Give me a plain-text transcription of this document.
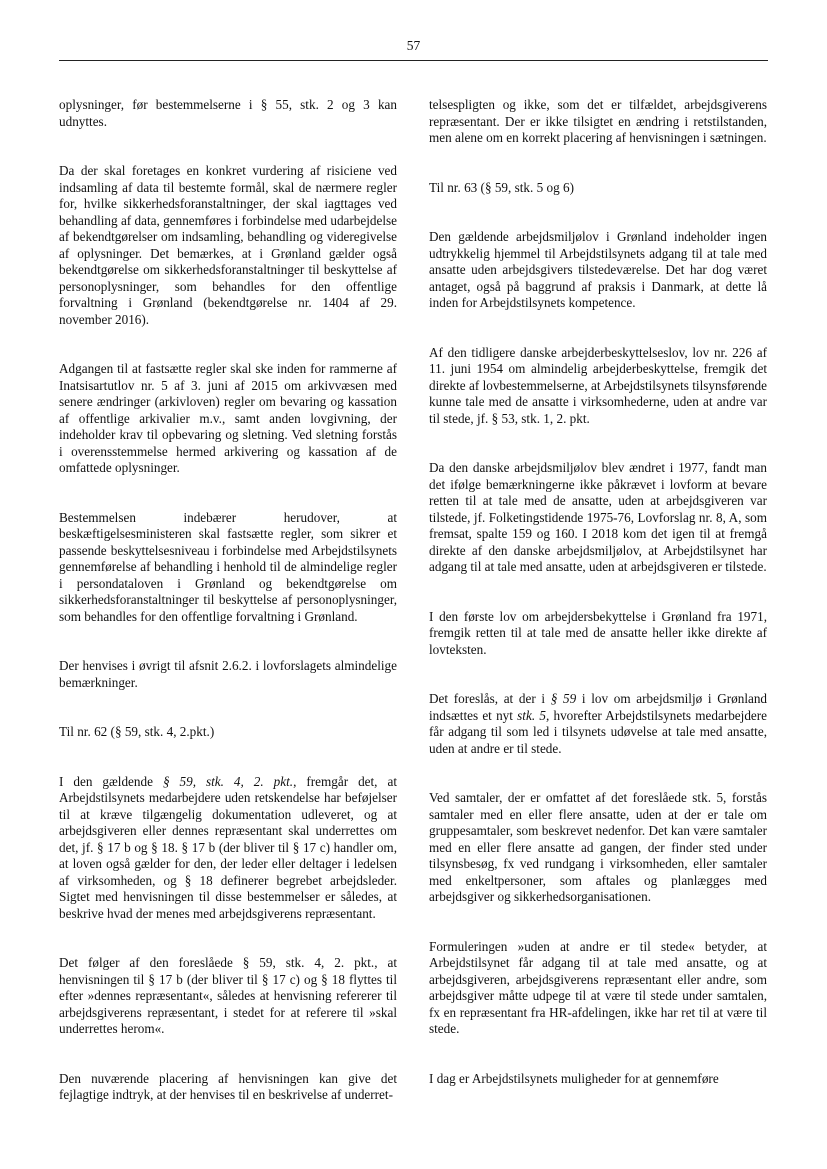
57

oplysninger, før bestemmelserne i § 55, stk. 2 og 3 kan udnyttes.

Da der skal foretages en konkret vurdering af risiciene ved indsamling af data til bestemte formål, skal de nærmere regler for, hvilke sikkerhedsforanstaltninger, der skal iagttages ved behandling af data, gennemføres i forbindelse med udarbejdelse af bekendtgørelser om indsamling, behandling og videregivelse af oplysninger. Det bemærkes, at i Grønland gælder også bekendtgørelse om sikkerhedsforanstaltninger til beskyttelse af personoplysninger, som behandles for den offentlige forvaltning i Grønland (bekendtgørelse nr. 1404 af 29. november 2016).

Adgangen til at fastsætte regler skal ske inden for rammerne af Inatsisartutlov nr. 5 af 3. juni af 2015 om arkivvæsen med senere ændringer (arkivloven) regler om bevaring og kassation af offentlige arkivalier m.v., samt anden lovgivning, der indeholder krav til opbevaring og sletning. Ved sletning forstås i overensstemmelse hermed arkivering og kassation af de omfattede oplysninger.

Bestemmelsen indebærer herudover, at beskæftigelsesministeren skal fastsætte regler, som sikrer et passende beskyttelsesniveau i forbindelse med Arbejdstilsynets gennemførelse af behandling i henhold til de almindelige regler i persondataloven i Grønland og bekendtgørelse om sikkerhedsforanstaltninger til beskyttelse af personoplysninger, som behandles for den offentlige forvaltning i Grønland.

Der henvises i øvrigt til afsnit 2.6.2. i lovforslagets almindelige bemærkninger.

Til nr. 62 (§ 59, stk. 4, 2.pkt.)

I den gældende § 59, stk. 4, 2. pkt., fremgår det, at Arbejdstilsynets medarbejdere uden retskendelse har beføjelser til at kræve tilgængelig dokumentation udleveret, og at arbejdsgiveren eller dennes repræsentant skal underrettes om det, jf. § 17 b og § 18. § 17 b (der bliver til § 17 c) handler om, at loven også gælder for den, der leder eller deltager i ledelsen af virksomheden, og § 18 definerer begrebet arbejdsleder. Sigtet med henvisningen til disse bestemmelser er således, at beskrive hvad der menes med arbejdsgiverens repræsentant.

Det følger af den foreslåede § 59, stk. 4, 2. pkt., at henvisningen til § 17 b (der bliver til § 17 c) og § 18 flyttes til efter »dennes repræsentant«, således at henvisning refererer til arbejdsgiverens repræsentant, i stedet for at referere til »skal underrettes herom«.

Den nuværende placering af henvisningen kan give det fejlagtige indtryk, at der henvises til en beskrivelse af underret-

telsespligten og ikke, som det er tilfældet, arbejdsgiverens repræsentant. Der er ikke tilsigtet en ændring i retstilstanden, men alene om en korrekt placering af henvisningen i sætningen.

Til nr. 63 (§ 59, stk. 5 og 6)

Den gældende arbejdsmiljølov i Grønland indeholder ingen udtrykkelig hjemmel til Arbejdstilsynets adgang til at tale med ansatte uden arbejdsgivers tilstedeværelse. Det har dog været antaget, også på baggrund af praksis i Danmark, at dette lå inden for Arbejdstilsynets kompetence.

Af den tidligere danske arbejderbeskyttelseslov, lov nr. 226 af 11. juni 1954 om almindelig arbejderbeskyttelse, fremgik det direkte af lovbestemmelserne, at Arbejdstilsynets tilsynsførende kunne tale med de ansatte i virksomhederne, uden at andre var til stede, jf. § 53, stk. 1, 2. pkt.

Da den danske arbejdsmiljølov blev ændret i 1977, fandt man det ifølge bemærkningerne ikke påkrævet i lovform at bevare retten til at tale med de ansatte, uden at arbejdsgiveren var tilstede, jf. Folketingstidende 1975-76, Lovforslag nr. 8, A, som fremsat, spalte 159 og 160. I 2018 kom det igen til at fremgå direkte af den danske arbejdsmiljølov, at Arbejdstilsynet har adgang til at tale med ansatte, uden at arbejdsgiveren er tilstede.

I den første lov om arbejdersbekyttelse i Grønland fra 1971, fremgik retten til at tale med de ansatte heller ikke direkte af lovteksten.

Det foreslås, at der i § 59 i lov om arbejdsmiljø i Grønland indsættes et nyt stk. 5, hvorefter Arbejdstilsynets medarbejdere får adgang til som led i tilsynets udøvelse at tale med ansatte, uden at andre er til stede.

Ved samtaler, der er omfattet af det foreslåede stk. 5, forstås samtaler med en eller flere ansatte, uden at der er tale om gruppesamtaler, som beskrevet nedenfor. Det kan være samtaler med en eller flere ansatte ad gangen, der finder sted under tilsynsbesøg, fx ved rundgang i virksomheden, eller samtaler med enkeltpersoner, som aftales og planlægges med arbejdsgiver og sikkerhedsorganisationen.

Formuleringen »uden at andre er til stede« betyder, at Arbejdstilsynet får adgang til at tale med ansatte, og at arbejdsgiveren, arbejdsgiverens repræsentant eller andre, som arbejdsgiver måtte udpege til at være til stede under samtalen, fx en repræsentant fra HR-afdelingen, ikke har ret til at være til stede.

I dag er Arbejdstilsynets muligheder for at gennemføre
